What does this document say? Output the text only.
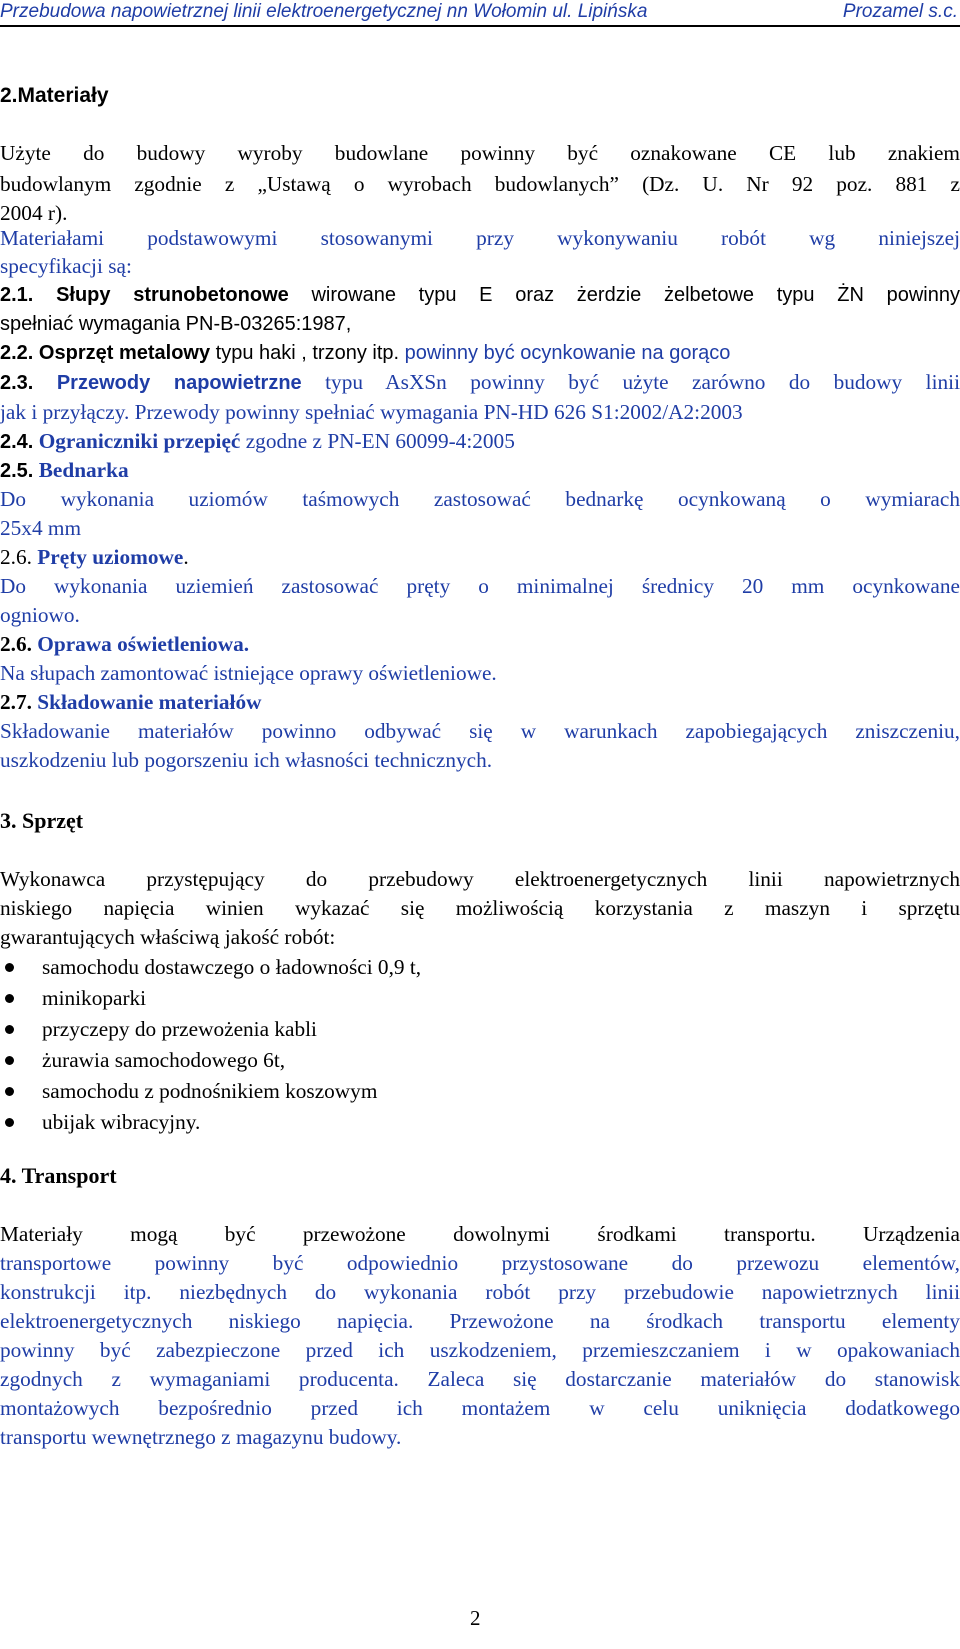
Przebudowa napowietrznej linii elektroenergetycznej nn Wołomin ul. Lipińska	Prozamel s.c.
2.Materiały
Użyte do budowy wyroby budowlane powinny być oznakowane CE lub znakiem
budowlanym zgodnie z „Ustawą o wyrobach budowlanych” (Dz. U. Nr 92 poz. 881 z
2004 r).
Materiałami podstawowymi stosowanymi przy wykonywaniu robót wg niniejszej
specyfikacji są:
2.1. Słupy strunobetonowe wirowane typu E oraz żerdzie żelbetowe typu ŻN powinny
spełniać wymagania PN-B-03265:1987,
2.2. Osprzęt metalowy typu haki , trzony itp. powinny być ocynkowanie na gorąco
2.3. Przewody napowietrzne typu AsXSn powinny być użyte zarówno do budowy linii
jak i przyłączy. Przewody powinny spełniać wymagania PN-HD 626 S1:2002/A2:2003
2.4. Ograniczniki przepięć zgodne z PN-EN 60099-4:2005
2.5. Bednarka
Do wykonania uziomów taśmowych zastosować bednarkę ocynkowaną o wymiarach
25x4 mm
2.6. Pręty uziomowe.
Do wykonania uziemień zastosować pręty o minimalnej średnicy 20 mm ocynkowane
ogniowo.
2.6. Oprawa oświetleniowa.
Na słupach zamontować istniejące oprawy oświetleniowe.
2.7. Składowanie materiałów
Składowanie materiałów powinno odbywać się w warunkach zapobiegających zniszczeniu,
uszkodzeniu lub pogorszeniu ich własności technicznych.
3. Sprzęt
Wykonawca przystępujący do przebudowy elektroenergetycznych linii napowietrznych
niskiego napięcia winien wykazać się możliwością korzystania z maszyn i sprzętu
gwarantujących właściwą jakość robót:
samochodu dostawczego o ładowności 0,9 t,
minikoparki
przyczepy do przewożenia kabli
żurawia samochodowego 6t,
samochodu z podnośnikiem koszowym
ubijak wibracyjny.
4. Transport
Materiały mogą być przewożone dowolnymi środkami transportu. Urządzenia
transportowe powinny być odpowiednio przystosowane do przewozu elementów,
konstrukcji itp. niezbędnych do wykonania robót przy przebudowie napowietrznych linii
elektroenergetycznych niskiego napięcia. Przewożone na środkach transportu elementy
powinny być zabezpieczone przed ich uszkodzeniem, przemieszczaniem i w opakowaniach
zgodnych z wymaganiami producenta. Zaleca się dostarczanie materiałów do stanowisk
montażowych bezpośrednio przed ich montażem w celu uniknięcia dodatkowego
transportu wewnętrznego z magazynu budowy.
2
